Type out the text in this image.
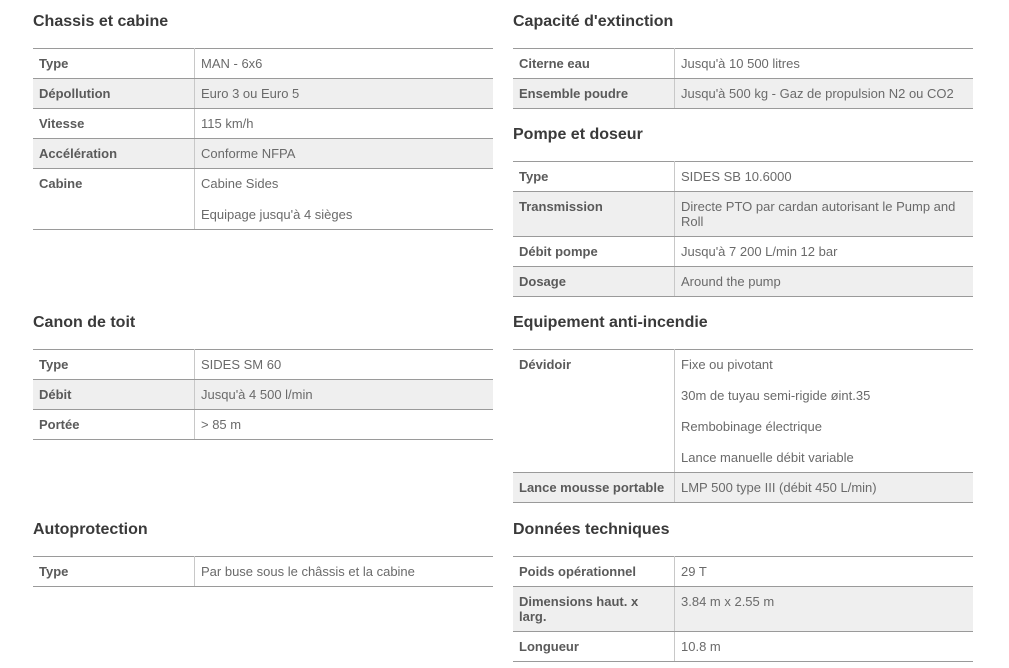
Chassis et cabine
Type	MAN - 6x6
Dépollution	Euro 3 ou Euro 5
Vitesse	115 km/h
Accélération	Conforme NFPA
Cabine	Cabine Sides
Equipage jusqu'à 4 sièges
Canon de toit
Type	SIDES SM 60
Débit	Jusqu'à 4 500 l/min
Portée	> 85 m
Autoprotection
Type	Par buse sous le châssis et la cabine
Capacité d'extinction
Citerne eau	Jusqu'à 10 500 litres
Ensemble poudre	Jusqu'à 500 kg - Gaz de propulsion N2 ou CO2
Pompe et doseur
Type	SIDES SB 10.6000
Transmission	Directe PTO par cardan autorisant le Pump and Roll
Débit pompe	Jusqu'à 7 200 L/min 12 bar
Dosage	Around the pump
Equipement anti-incendie
Dévidoir	Fixe ou pivotant
30m de tuyau semi-rigide øint.35
Rembobinage électrique
Lance manuelle débit variable

Lance mousse portable	LMP 500 type III (débit 450 L/min)
Données techniques
Poids opérationnel	29 T
Dimensions haut. x larg.	3.84 m x 2.55 m
Longueur	10.8 m
